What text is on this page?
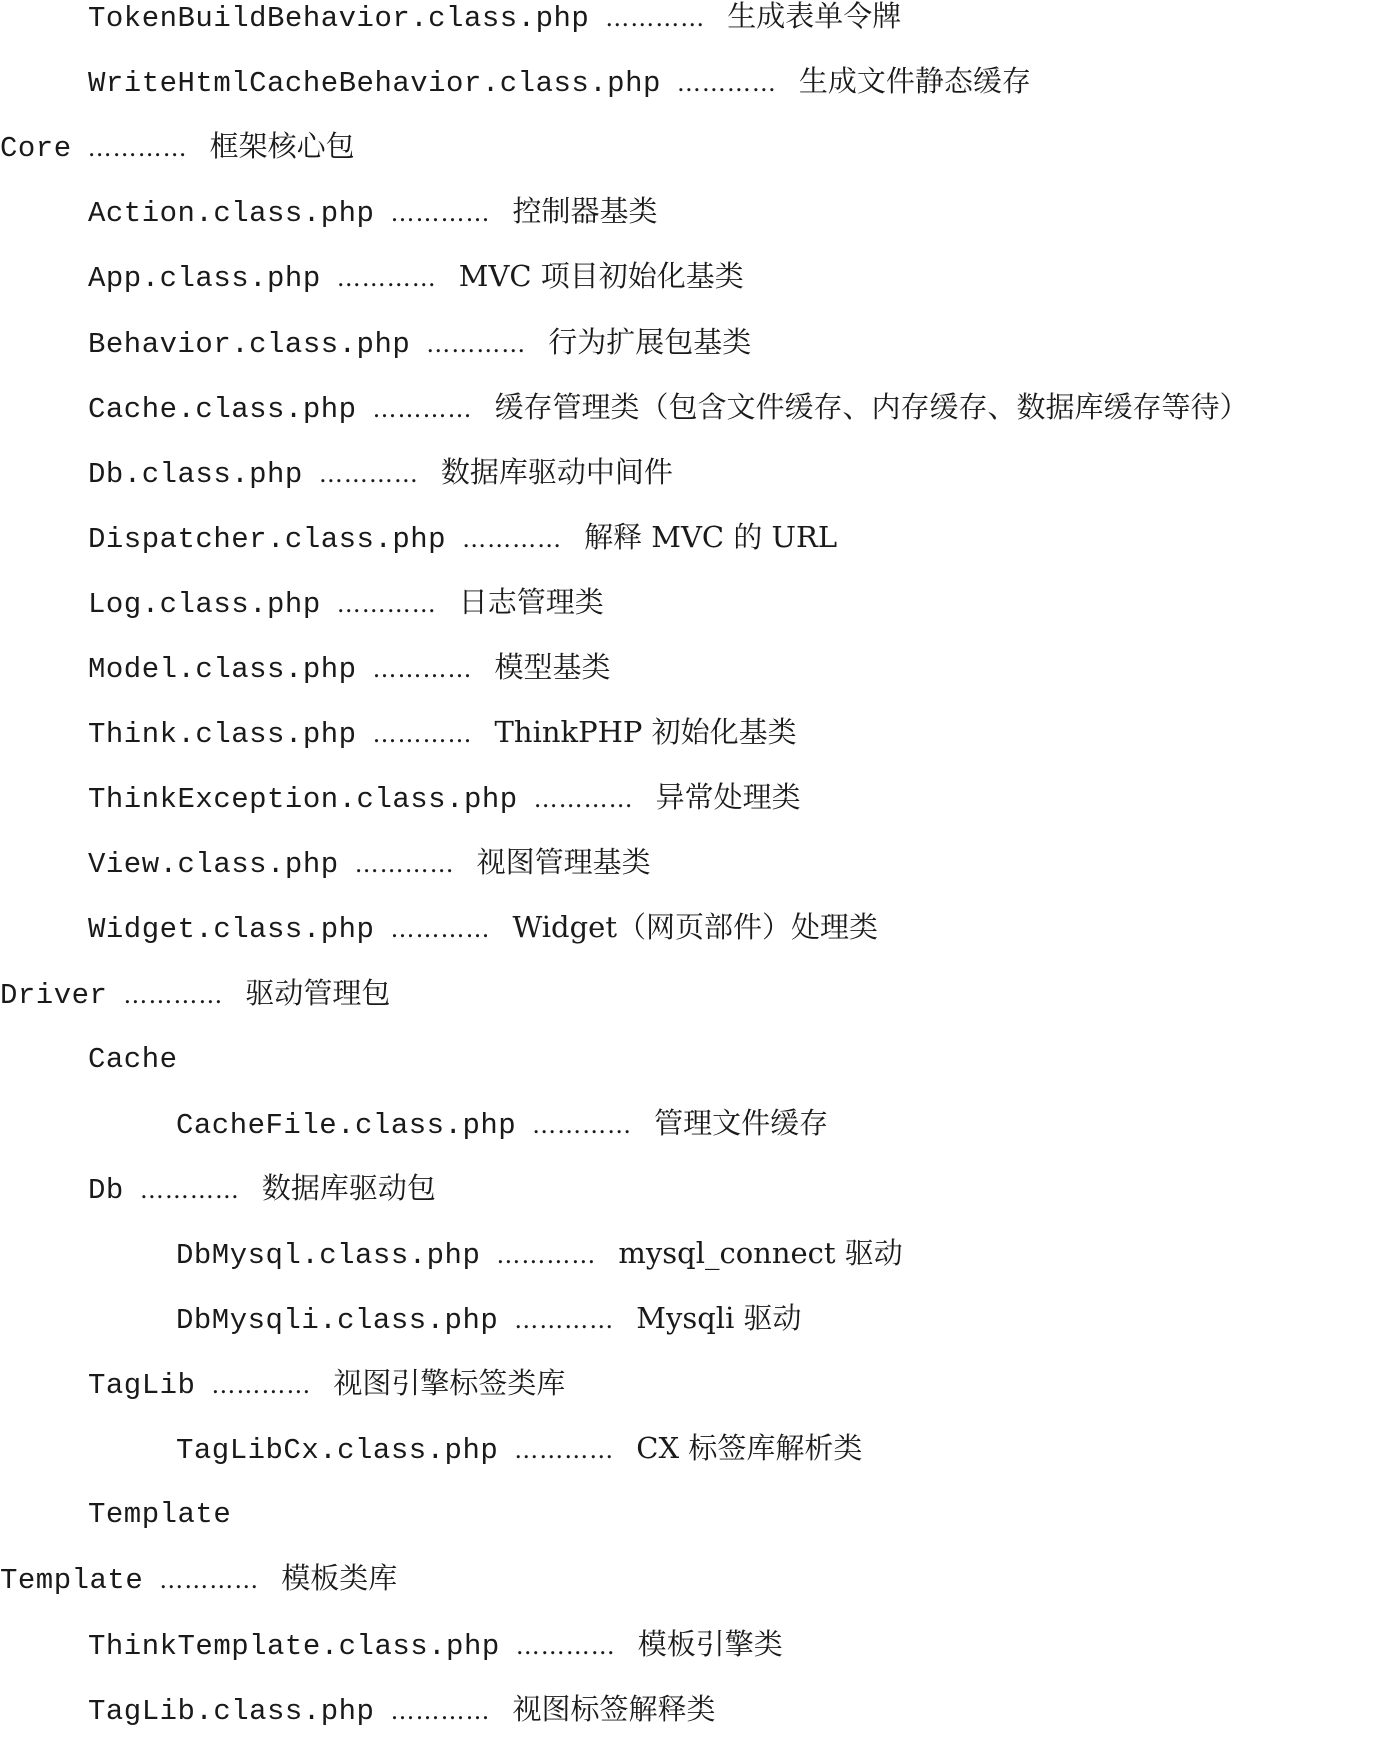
TokenBuildBehavior.class.php ………… 生成表单令牌
WriteHtmlCacheBehavior.class.php ………… 生成文件静态缓存
Core ………… 框架核心包
Action.class.php ………… 控制器基类
App.class.php ………… MVC 项目初始化基类
Behavior.class.php ………… 行为扩展包基类
Cache.class.php ………… 缓存管理类（包含文件缓存、内存缓存、数据库缓存等待）
Db.class.php ………… 数据库驱动中间件
Dispatcher.class.php ………… 解释 MVC 的 URL
Log.class.php ………… 日志管理类
Model.class.php ………… 模型基类
Think.class.php ………… ThinkPHP 初始化基类
ThinkException.class.php ………… 异常处理类
View.class.php ………… 视图管理基类
Widget.class.php ………… Widget（网页部件）处理类
Driver ………… 驱动管理包
Cache
CacheFile.class.php ………… 管理文件缓存
Db ………… 数据库驱动包
DbMysql.class.php ………… mysql_connect 驱动
DbMysqli.class.php ………… Mysqli 驱动
TagLib ………… 视图引擎标签类库
TagLibCx.class.php ………… CX 标签库解析类
Template
Template ………… 模板类库
ThinkTemplate.class.php ………… 模板引擎类
TagLib.class.php ………… 视图标签解释类
